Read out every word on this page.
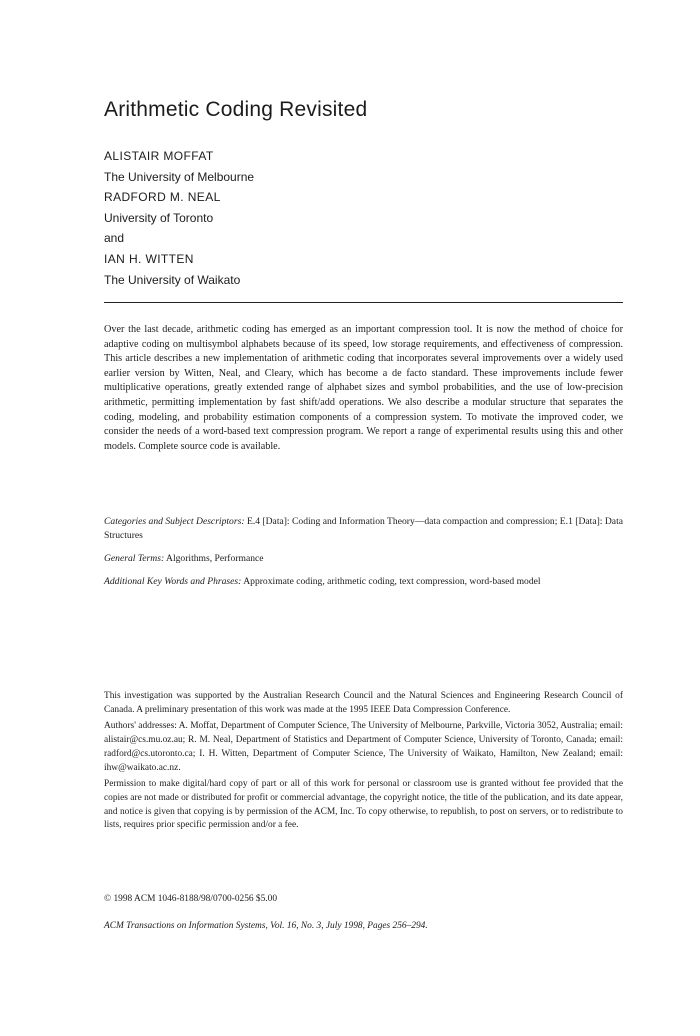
Arithmetic Coding Revisited
ALISTAIR MOFFAT
The University of Melbourne
RADFORD M. NEAL
University of Toronto
and
IAN H. WITTEN
The University of Waikato

Over the last decade, arithmetic coding has emerged as an important compression tool. It is now the method of choice for adaptive coding on multisymbol alphabets because of its speed, low storage requirements, and effectiveness of compression. This article describes a new implementation of arithmetic coding that incorporates several improvements over a widely used earlier version by Witten, Neal, and Cleary, which has become a de facto standard. These improvements include fewer multiplicative operations, greatly extended range of alphabet sizes and symbol probabilities, and the use of low-precision arithmetic, permitting implementation by fast shift/add operations. We also describe a modular structure that separates the coding, modeling, and probability estimation components of a compression system. To motivate the improved coder, we consider the needs of a word-based text compression program. We report a range of experimental results using this and other models. Complete source code is available.

Categories and Subject Descriptors: E.4 [Data]: Coding and Information Theory—data compaction and compression; E.1 [Data]: Data Structures

General Terms: Algorithms, Performance

Additional Key Words and Phrases: Approximate coding, arithmetic coding, text compression, word-based model

This investigation was supported by the Australian Research Council and the Natural Sciences and Engineering Research Council of Canada. A preliminary presentation of this work was made at the 1995 IEEE Data Compression Conference.

Authors' addresses: A. Moffat, Department of Computer Science, The University of Melbourne, Parkville, Victoria 3052, Australia; email: alistair@cs.mu.oz.au; R. M. Neal, Department of Statistics and Department of Computer Science, University of Toronto, Canada; email: radford@cs.utoronto.ca; I. H. Witten, Department of Computer Science, The University of Waikato, Hamilton, New Zealand; email: ihw@waikato.ac.nz.

Permission to make digital/hard copy of part or all of this work for personal or classroom use is granted without fee provided that the copies are not made or distributed for profit or commercial advantage, the copyright notice, the title of the publication, and its date appear, and notice is given that copying is by permission of the ACM, Inc. To copy otherwise, to republish, to post on servers, or to redistribute to lists, requires prior specific permission and/or a fee.

© 1998 ACM 1046-8188/98/0700-0256 $5.00

ACM Transactions on Information Systems, Vol. 16, No. 3, July 1998, Pages 256–294.
